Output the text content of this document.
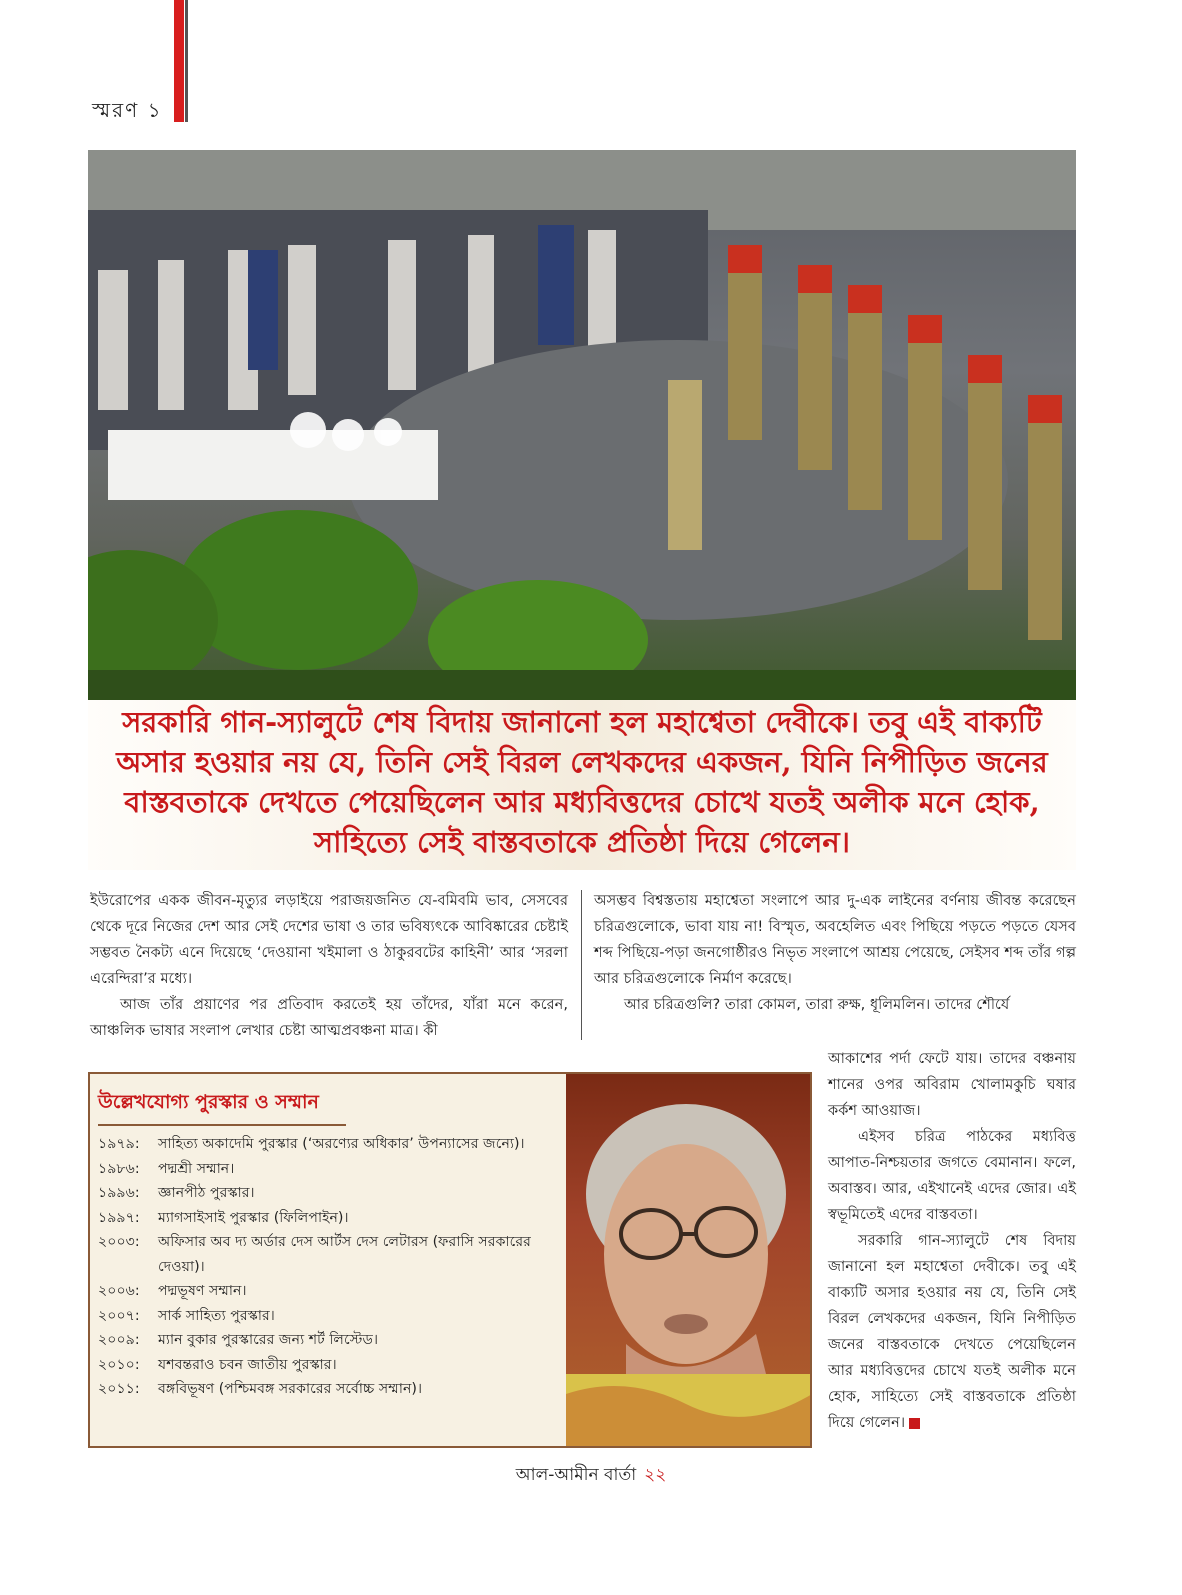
স্মরণ ১
সরকারি গান-স্যালুটে শেষ বিদায় জানানো হল মহাশ্বেতা দেবীকে। তবু এই বাক্যটি
অসার হওয়ার নয় যে, তিনি সেই বিরল লেখকদের একজন, যিনি নিপীড়িত জনের
বাস্তবতাকে দেখতে পেয়েছিলেন আর মধ্যবিত্তদের চোখে যতই অলীক মনে হোক,
সাহিত্যে সেই বাস্তবতাকে প্রতিষ্ঠা দিয়ে গেলেন।

ইউরোপের একক জীবন-মৃত্যুর লড়াইয়ে পরাজয়জনিত যে-বমিবমি ভাব, সেসবের থেকে দূরে নিজের দেশ আর সেই দেশের ভাষা ও তার ভবিষ্যৎকে আবিষ্কারের চেষ্টাই সম্ভবত নৈকট্য এনে দিয়েছে ‘দেওয়ানা খইমালা ও ঠাকুরবটের কাহিনী’ আর ‘সরলা এরেন্দিরা’র মধ্যে।

আজ তাঁর প্রয়াণের পর প্রতিবাদ করতেই হয় তাঁদের, যাঁরা মনে করেন, আঞ্চলিক ভাষার সংলাপ লেখার চেষ্টা আত্মপ্রবঞ্চনা মাত্র। কী

অসম্ভব বিশ্বস্ততায় মহাশ্বেতা সংলাপে আর দু-এক লাইনের বর্ণনায় জীবন্ত করেছেন চরিত্রগুলোকে, ভাবা যায় না! বিস্মৃত, অবহেলিত এবং পিছিয়ে পড়তে পড়তে যেসব শব্দ পিছিয়ে-পড়া জনগোষ্ঠীরও নিভৃত সংলাপে আশ্রয় পেয়েছে, সেইসব শব্দ তাঁর গল্প আর চরিত্রগুলোকে নির্মাণ করেছে।

আর চরিত্রগুলি? তারা কোমল, তারা রুক্ষ, ধূলিমলিন। তাদের শৌর্যে

আকাশের পর্দা ফেটে যায়। তাদের বঞ্চনায় শানের ওপর অবিরাম খোলামকুচি ঘষার কর্কশ আওয়াজ।

এইসব চরিত্র পাঠকের মধ্যবিত্ত আপাত-নিশ্চয়তার জগতে বেমানান। ফলে, অবাস্তব। আর, এইখানেই এদের জোর। এই স্বভূমিতেই এদের বাস্তবতা।

সরকারি গান-স্যালুটে শেষ বিদায় জানানো হল মহাশ্বেতা দেবীকে। তবু এই বাক্যটি অসার হওয়ার নয় যে, তিনি সেই বিরল লেখকদের একজন, যিনি নিপীড়িত জনের বাস্তবতাকে দেখতে পেয়েছিলেন আর মধ্যবিত্তদের চোখে যতই অলীক মনে হোক, সাহিত্যে সেই বাস্তবতাকে প্রতিষ্ঠা দিয়ে গেলেন।

উল্লেখযোগ্য পুরস্কার ও সম্মান
১৯৭৯:	সাহিত্য অকাদেমি পুরস্কার (‘অরণ্যের অধিকার’ উপন্যাসের জন্যে)।
১৯৮৬:	পদ্মশ্রী সম্মান।
১৯৯৬:	জ্ঞানপীঠ পুরস্কার।
১৯৯৭:	ম্যাগসাইসাই পুরস্কার (ফিলিপাইন)।
২০০৩:	অফিসার অব দ্য অর্ডার দেস আর্টস দেস লেটারস (ফরাসি সরকারের দেওয়া)।
২০০৬:	পদ্মভূষণ সম্মান।
২০০৭:	সার্ক সাহিত্য পুরস্কার।
২০০৯:	ম্যান বুকার পুরস্কারের জন্য শর্ট লিস্টেড।
২০১০:	যশবন্তরাও চবন জাতীয় পুরস্কার।
২০১১:	বঙ্গবিভূষণ (পশ্চিমবঙ্গ সরকারের সর্বোচ্চ সম্মান)।
আল-আমীন বার্তা ২২
